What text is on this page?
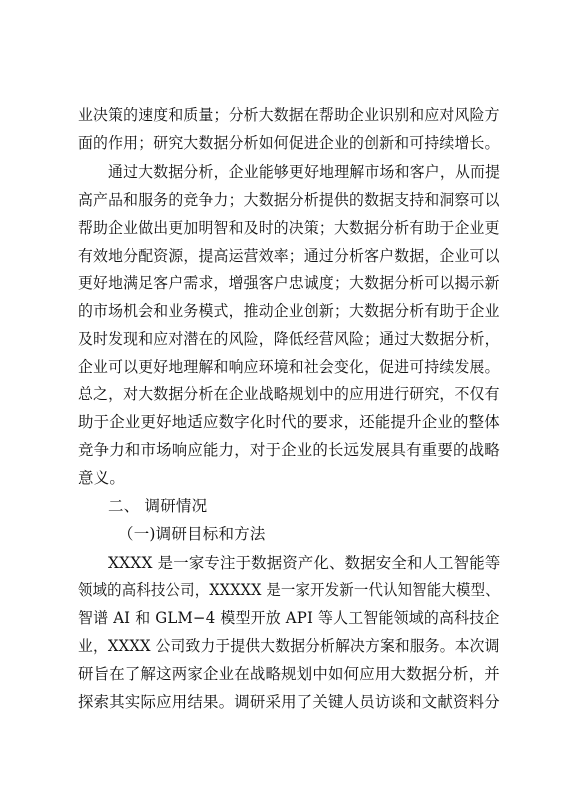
业决策的速度和质量；分析大数据在帮助企业识别和应对风险方
面的作用；研究大数据分析如何促进企业的创新和可持续增长。
通过大数据分析，企业能够更好地理解市场和客户，从而提
高产品和服务的竞争力；大数据分析提供的数据支持和洞察可以
帮助企业做出更加明智和及时的决策；大数据分析有助于企业更
有效地分配资源，提高运营效率；通过分析客户数据，企业可以
更好地满足客户需求，增强客户忠诚度；大数据分析可以揭示新
的市场机会和业务模式，推动企业创新；大数据分析有助于企业
及时发现和应对潜在的风险，降低经营风险；通过大数据分析，
企业可以更好地理解和响应环境和社会变化，促进可持续发展。
总之，对大数据分析在企业战略规划中的应用进行研究，不仅有
助于企业更好地适应数字化时代的要求，还能提升企业的整体
竞争力和市场响应能力，对于企业的长远发展具有重要的战略
意义。
二、 调研情况
（一)调研目标和方法
XXXX 是一家专注于数据资产化、数据安全和人工智能等
领域的高科技公司，XXXXX 是一家开发新一代认知智能大模型、
智谱 AI 和 GLM−4 模型开放 API 等人工智能领域的高科技企
业，XXXX 公司致力于提供大数据分析解决方案和服务。本次调
研旨在了解这两家企业在战略规划中如何应用大数据分析，并
探索其实际应用结果。调研采用了关键人员访谈和文献资料分
